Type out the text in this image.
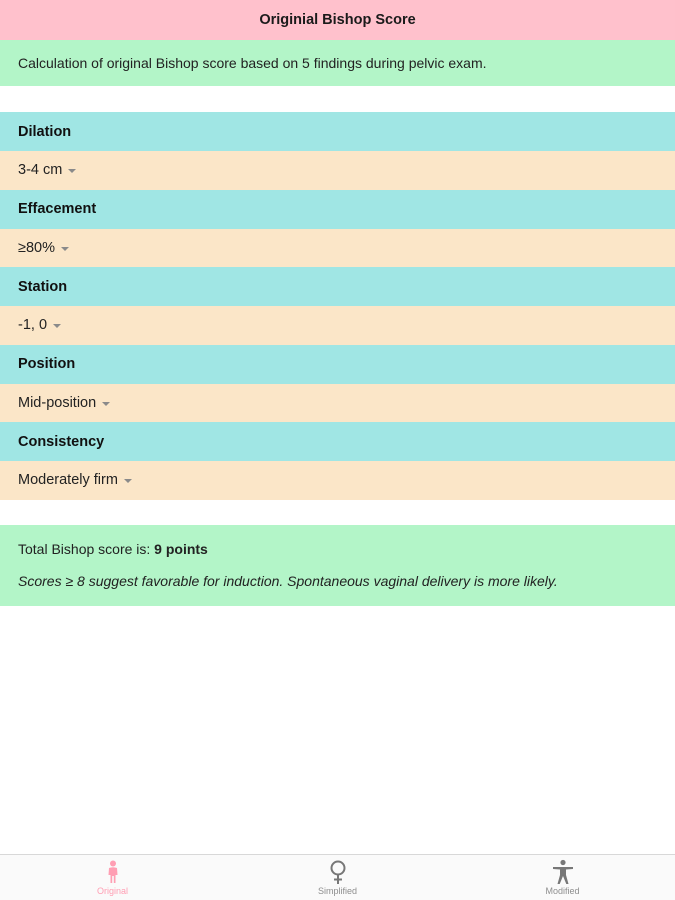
Originial Bishop Score
Calculation of original Bishop score based on 5 findings during pelvic exam.
Dilation
3-4 cm
Effacement
≥80%
Station
-1, 0
Position
Mid-position
Consistency
Moderately firm
Total Bishop score is: 9 points
Scores ≥ 8 suggest favorable for induction. Spontaneous vaginal delivery is more likely.
Original	Simplified	Modified
